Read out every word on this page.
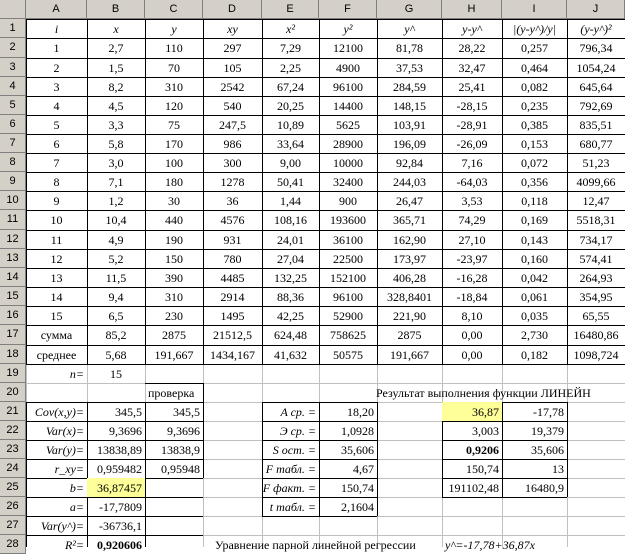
A	B	C	D	E	F	G	H	I	J
1
2
3
4
5
6
7
8
9
10
11
12
13
14
15
16
17
18
19
20
21
22
23
24
25
26
27
28
i	x	y	xy	x²	y²	y^	y-y^	|(y-y^)/y|	(y-y^)²
1	2,7	110	297	7,29	12100	81,78	28,22	0,257	796,34
2	1,5	70	105	2,25	4900	37,53	32,47	0,464	1054,24
3	8,2	310	2542	67,24	96100	284,59	25,41	0,082	645,64
4	4,5	120	540	20,25	14400	148,15	-28,15	0,235	792,69
5	3,3	75	247,5	10,89	5625	103,91	-28,91	0,385	835,51
6	5,8	170	986	33,64	28900	196,09	-26,09	0,153	680,77
7	3,0	100	300	9,00	10000	92,84	7,16	0,072	51,23
8	7,1	180	1278	50,41	32400	244,03	-64,03	0,356	4099,66
9	1,2	30	36	1,44	900	26,47	3,53	0,118	12,47
10	10,4	440	4576	108,16	193600	365,71	74,29	0,169	5518,31
11	4,9	190	931	24,01	36100	162,90	27,10	0,143	734,17
12	5,2	150	780	27,04	22500	173,97	-23,97	0,160	574,41
13	11,5	390	4485	132,25	152100	406,28	-16,28	0,042	264,93
14	9,4	310	2914	88,36	96100	328,8401	-18,84	0,061	354,95
15	6,5	230	1495	42,25	52900	221,90	8,10	0,035	65,55
сумма	85,2	2875	21512,5	624,48	758625	2875	0,00	2,730	16480,86
среднее	5,68	191,667	1434,167	41,632	50575	191,667	0,00	0,182	1098,724
n=	15
проверка
Cov(x,y)=	345,5	345,5
Var(x)=	9,3696	9,3696
Var(y)=	13838,89	13838,9
r_xy=	0,959482	0,95948
b=	36,87457
a=	-17,7809
Var(y^)=	-36736,1
R²=	0,920606
A ср. =	18,20
Э ср. =	1,0928
S ост. =	35,606
F табл. =	4,67
F факт. =	150,74
t табл. =	2,1604
Результат выполнения функции ЛИНЕЙН
36,87	-17,78
3,003	19,379
0,9206	35,606
150,74	13
191102,48	16480,9
Уравнение парной линейной регрессии	y^=-17,78+36,87x
